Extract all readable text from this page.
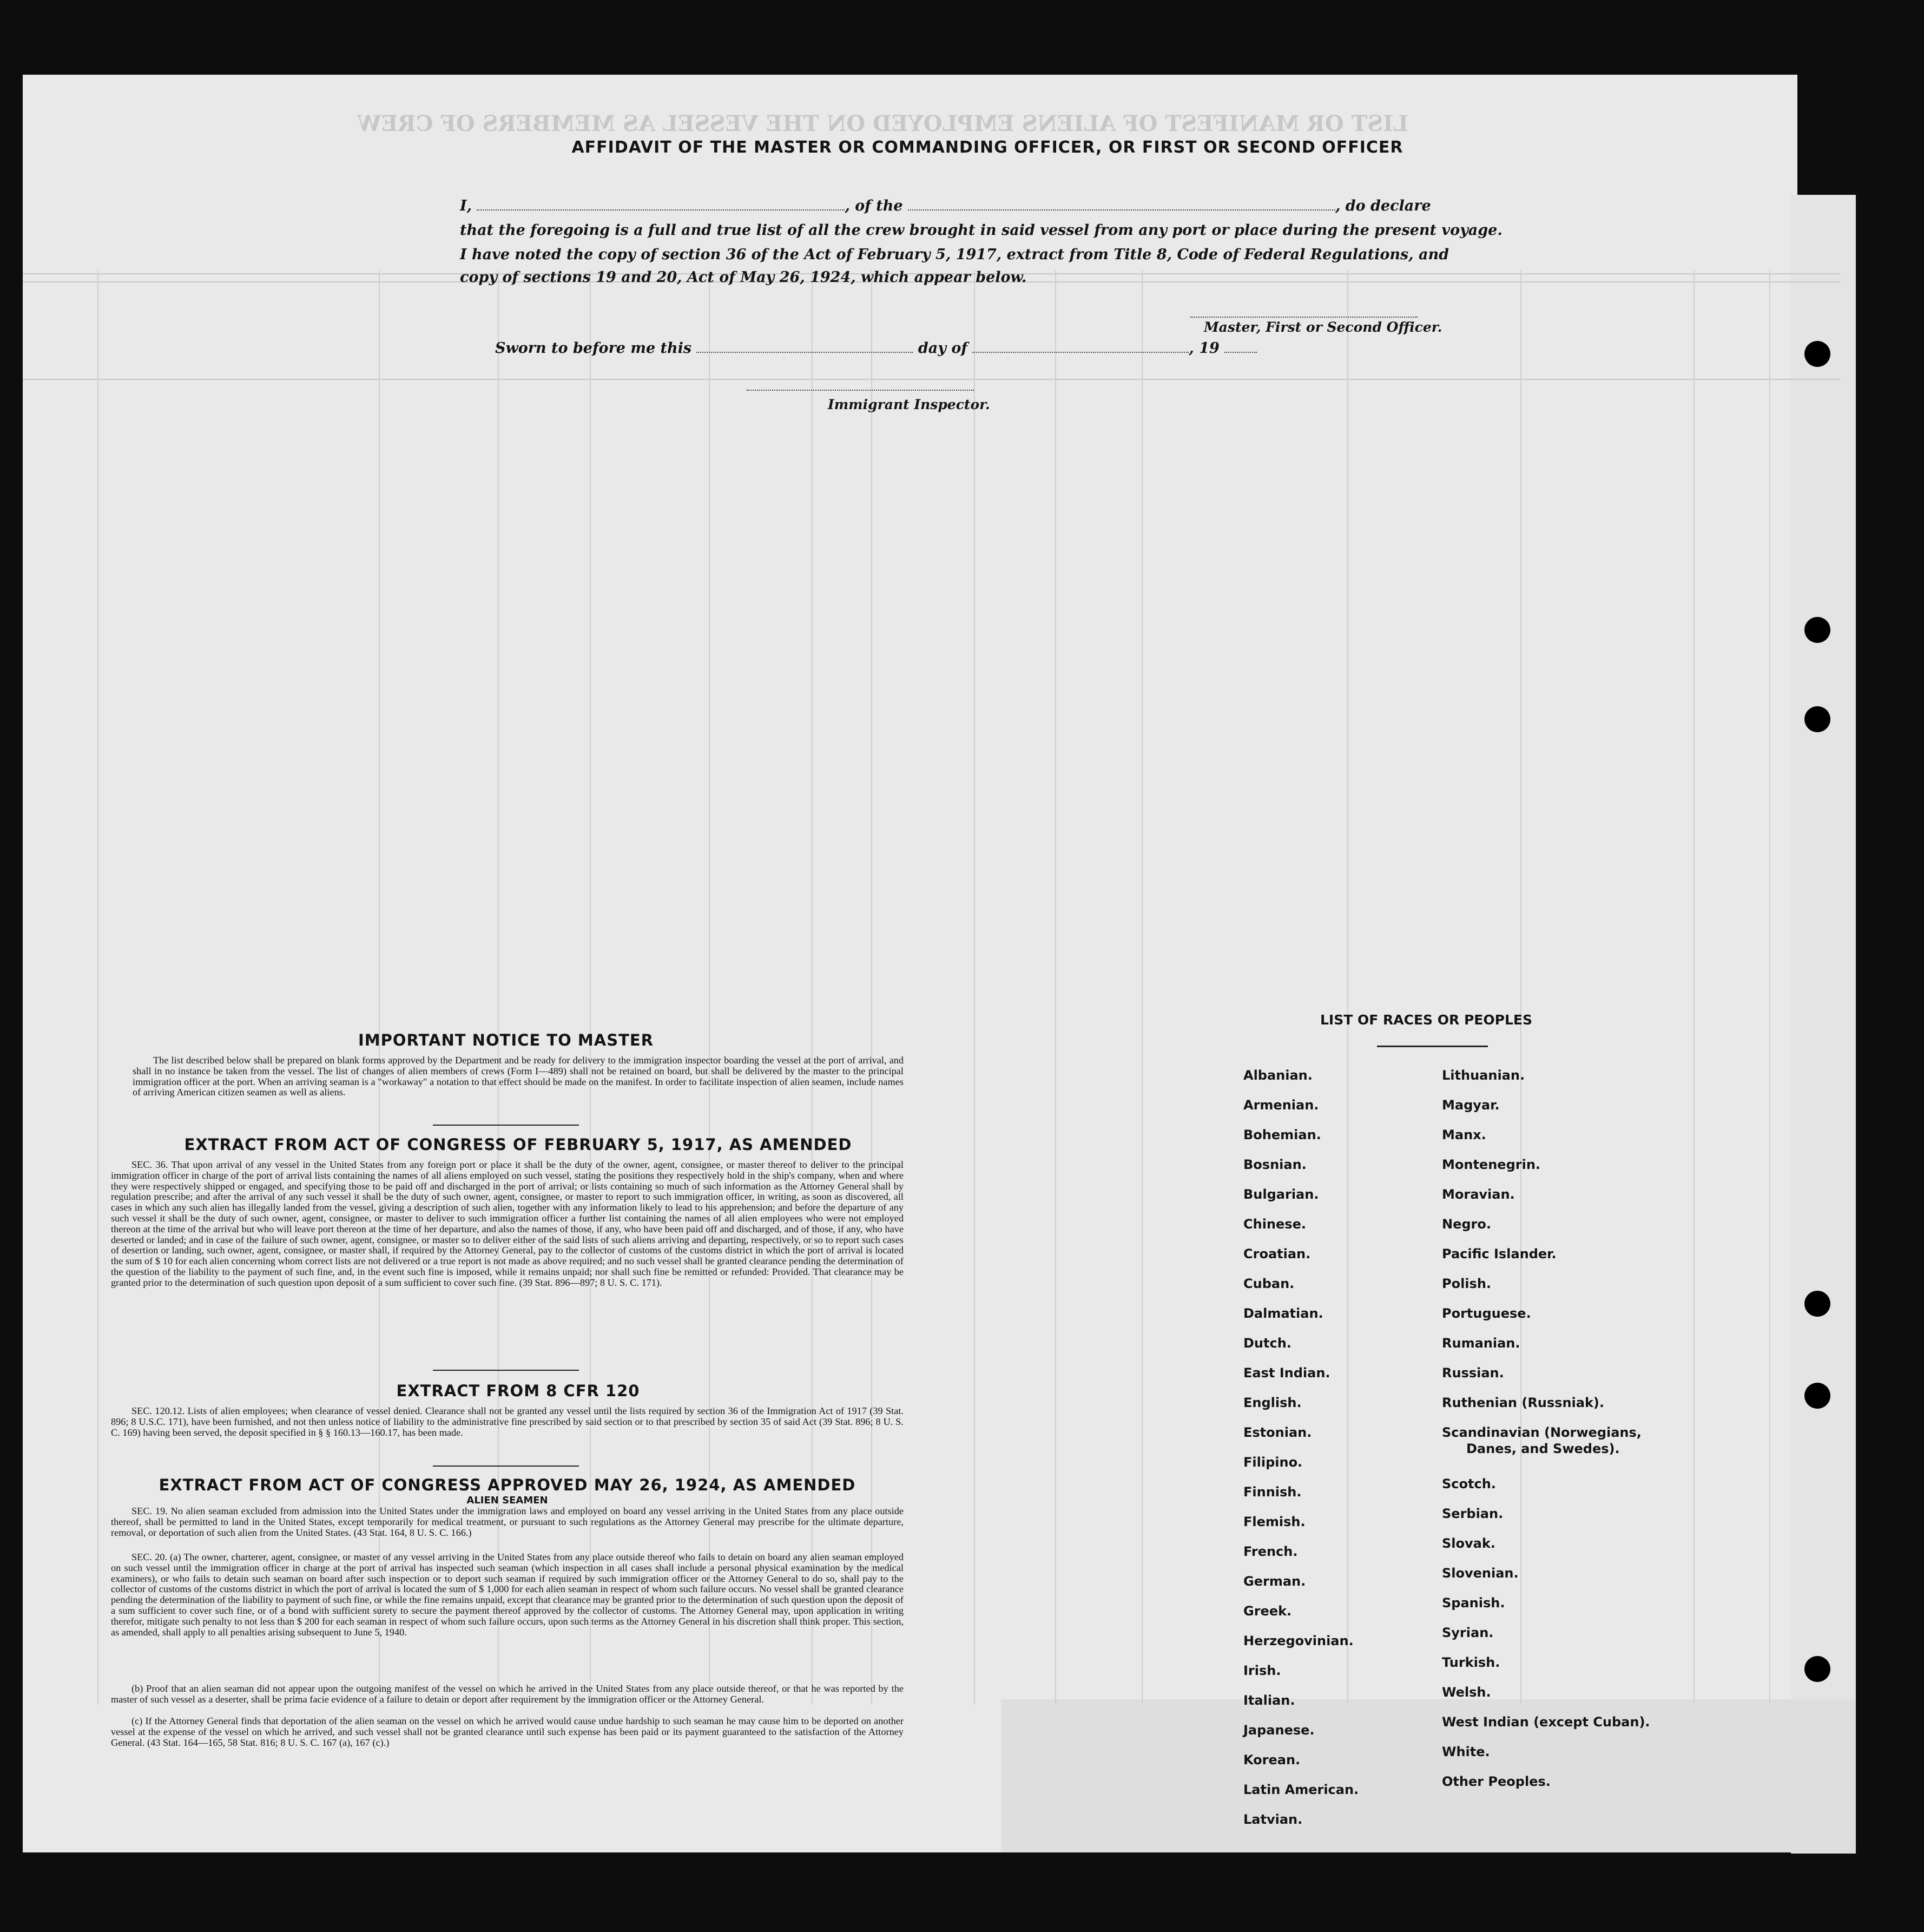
LIST OR MANIFEST OF ALIENS EMPLOYED ON THE VESSEL AS MEMBERS OF CREW
AFFIDAVIT OF THE MASTER OR COMMANDING OFFICER, OR FIRST OR SECOND OFFICER
I,	, of the	, do declare
that the foregoing is a full and true list of all the crew brought in said vessel from any port or place during the present voyage.
I have noted the copy of section 36 of the Act of February 5, 1917, extract from Title 8, Code of Federal Regulations, and
copy of sections 19 and 20, Act of May 26, 1924, which appear below.
Master, First or Second Officer.
Sworn to before me this	day of	, 19
Immigrant Inspector.
IMPORTANT NOTICE TO MASTER
The list described below shall be prepared on blank forms approved by the Department and be ready for delivery to the immigration inspector boarding the vessel at the port of arrival, and shall in no instance be taken from the vessel. The list of changes of alien members of crews (Form I—489) shall not be retained on board, but shall be delivered by the master to the principal immigration officer at the port. When an arriving seaman is a "workaway" a notation to that effect should be made on the manifest. In order to facilitate inspection of alien seamen, include names of arriving American citizen seamen as well as aliens.
EXTRACT FROM ACT OF CONGRESS OF FEBRUARY 5, 1917, AS AMENDED
SEC. 36. That upon arrival of any vessel in the United States from any foreign port or place it shall be the duty of the owner, agent, consignee, or master thereof to deliver to the principal immigration officer in charge of the port of arrival lists containing the names of all aliens employed on such vessel, stating the positions they respectively hold in the ship's company, when and where they were respectively shipped or engaged, and specifying those to be paid off and discharged in the port of arrival; or lists containing so much of such information as the Attorney General shall by regulation prescribe; and after the arrival of any such vessel it shall be the duty of such owner, agent, consignee, or master to report to such immigration officer, in writing, as soon as discovered, all cases in which any such alien has illegally landed from the vessel, giving a description of such alien, together with any information likely to lead to his apprehension; and before the departure of any such vessel it shall be the duty of such owner, agent, consignee, or master to deliver to such immigration officer a further list containing the names of all alien employees who were not employed thereon at the time of the arrival but who will leave port thereon at the time of her departure, and also the names of those, if any, who have been paid off and discharged, and of those, if any, who have deserted or landed; and in case of the failure of such owner, agent, consignee, or master so to deliver either of the said lists of such aliens arriving and departing, respectively, or so to report such cases of desertion or landing, such owner, agent, consignee, or master shall, if required by the Attorney General, pay to the collector of customs of the customs district in which the port of arrival is located the sum of $ 10 for each alien concerning whom correct lists are not delivered or a true report is not made as above required; and no such vessel shall be granted clearance pending the determination of the question of the liability to the payment of such fine, and, in the event such fine is imposed, while it remains unpaid; nor shall such fine be remitted or refunded: Provided. That clearance may be granted prior to the determination of such question upon deposit of a sum sufficient to cover such fine. (39 Stat. 896—897; 8 U. S. C. 171).
EXTRACT FROM 8 CFR 120
SEC. 120.12. Lists of alien employees; when clearance of vessel denied. Clearance shall not be granted any vessel until the lists required by section 36 of the Immigration Act of 1917 (39 Stat. 896; 8 U.S.C. 171), have been furnished, and not then unless notice of liability to the administrative fine prescribed by said section or to that prescribed by section 35 of said Act (39 Stat. 896; 8 U. S. C. 169) having been served, the deposit specified in § § 160.13—160.17, has been made.
EXTRACT FROM ACT OF CONGRESS APPROVED MAY 26, 1924, AS AMENDED
ALIEN SEAMEN
SEC. 19. No alien seaman excluded from admission into the United States under the immigration laws and employed on board any vessel arriving in the United States from any place outside thereof, shall be permitted to land in the United States, except temporarily for medical treatment, or pursuant to such regulations as the Attorney General may prescribe for the ultimate departure, removal, or deportation of such alien from the United States. (43 Stat. 164, 8 U. S. C. 166.)
SEC. 20. (a) The owner, charterer, agent, consignee, or master of any vessel arriving in the United States from any place outside thereof who fails to detain on board any alien seaman employed on such vessel until the immigration officer in charge at the port of arrival has inspected such seaman (which inspection in all cases shall include a personal physical examination by the medical examiners), or who fails to detain such seaman on board after such inspection or to deport such seaman if required by such immigration officer or the Attorney General to do so, shall pay to the collector of customs of the customs district in which the port of arrival is located the sum of $ 1,000 for each alien seaman in respect of whom such failure occurs. No vessel shall be granted clearance pending the determination of the liability to payment of such fine, or while the fine remains unpaid, except that clearance may be granted prior to the determination of such question upon the deposit of a sum sufficient to cover such fine, or of a bond with sufficient surety to secure the payment thereof approved by the collector of customs. The Attorney General may, upon application in writing therefor, mitigate such penalty to not less than $ 200 for each seaman in respect of whom such failure occurs, upon such terms as the Attorney General in his discretion shall think proper. This section, as amended, shall apply to all penalties arising subsequent to June 5, 1940.
(b) Proof that an alien seaman did not appear upon the outgoing manifest of the vessel on which he arrived in the United States from any place outside thereof, or that he was reported by the master of such vessel as a deserter, shall be prima facie evidence of a failure to detain or deport after requirement by the immigration officer or the Attorney General.
(c) If the Attorney General finds that deportation of the alien seaman on the vessel on which he arrived would cause undue hardship to such seaman he may cause him to be deported on another vessel at the expense of the vessel on which he arrived, and such vessel shall not be granted clearance until such expense has been paid or its payment guaranteed to the satisfaction of the Attorney General. (43 Stat. 164—165, 58 Stat. 816; 8 U. S. C. 167 (a), 167 (c).)
LIST OF RACES OR PEOPLES
Albanian.
Armenian.
Bohemian.
Bosnian.
Bulgarian.
Chinese.
Croatian.
Cuban.
Dalmatian.
Dutch.
East Indian.
English.
Estonian.
Filipino.
Finnish.
Flemish.
French.
German.
Greek.
Herzegovinian.
Irish.
Italian.
Japanese.
Korean.
Latin American.
Latvian.
Lithuanian.
Magyar.
Manx.
Montenegrin.
Moravian.
Negro.
Pacific Islander.
Polish.
Portuguese.
Rumanian.
Russian.
Ruthenian (Russniak).
Scandinavian (Norwegians,
Danes, and Swedes).
Scotch.
Serbian.
Slovak.
Slovenian.
Spanish.
Syrian.
Turkish.
Welsh.
West Indian (except Cuban).
White.
Other Peoples.
